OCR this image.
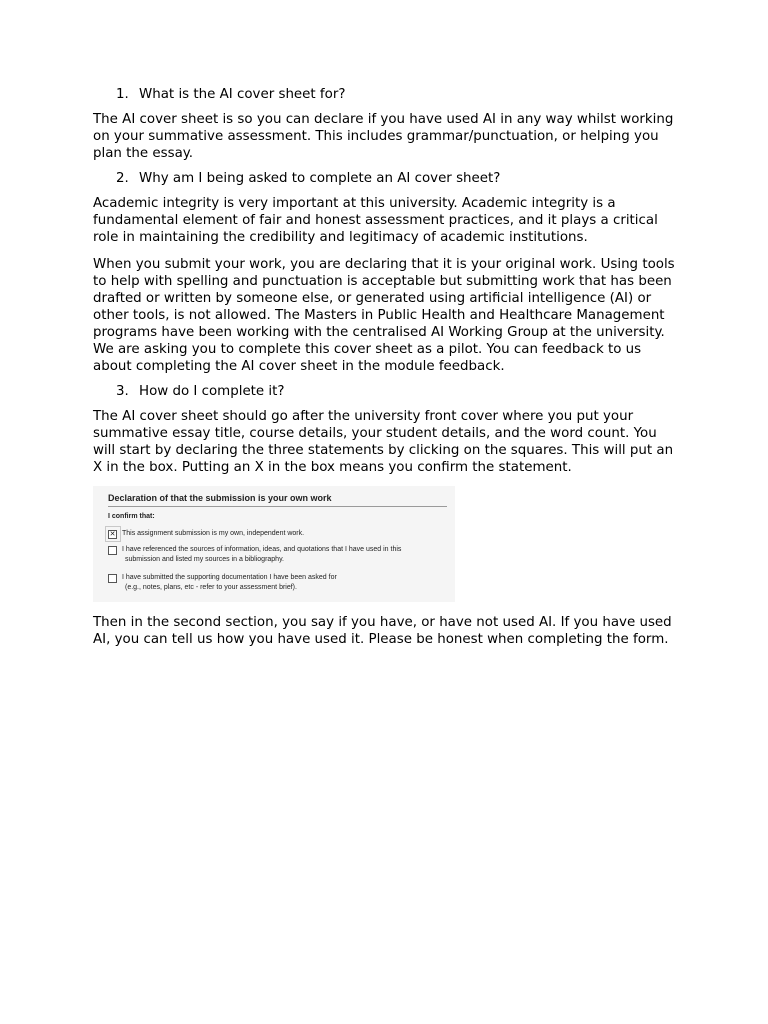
1. What is the AI cover sheet for?
The AI cover sheet is so you can declare if you have used AI in any way whilst working on your summative assessment. This includes grammar/punctuation, or helping you plan the essay.
2. Why am I being asked to complete an AI cover sheet?
Academic integrity is very important at this university. Academic integrity is a fundamental element of fair and honest assessment practices, and it plays a critical role in maintaining the credibility and legitimacy of academic institutions.
When you submit your work, you are declaring that it is your original work. Using tools to help with spelling and punctuation is acceptable but submitting work that has been drafted or written by someone else, or generated using artificial intelligence (AI) or other tools, is not allowed. The Masters in Public Health and Healthcare Management programs have been working with the centralised AI Working Group at the university. We are asking you to complete this cover sheet as a pilot. You can feedback to us about completing the AI cover sheet in the module feedback.
3. How do I complete it?
The AI cover sheet should go after the university front cover where you put your summative essay title, course details, your student details, and the word count. You will start by declaring the three statements by clicking on the squares. This will put an X in the box. Putting an X in the box means you confirm the statement.
Declaration of that the submission is your own work
I confirm that:
✕ This assignment submission is my own, independent work.
I have referenced the sources of information, ideas, and quotations that I have used in this
submission and listed my sources in a bibliography.
I have submitted the supporting documentation I have been asked for
(e.g., notes, plans, etc - refer to your assessment brief).
Then in the second section, you say if you have, or have not used AI. If you have used AI, you can tell us how you have used it. Please be honest when completing the form.
